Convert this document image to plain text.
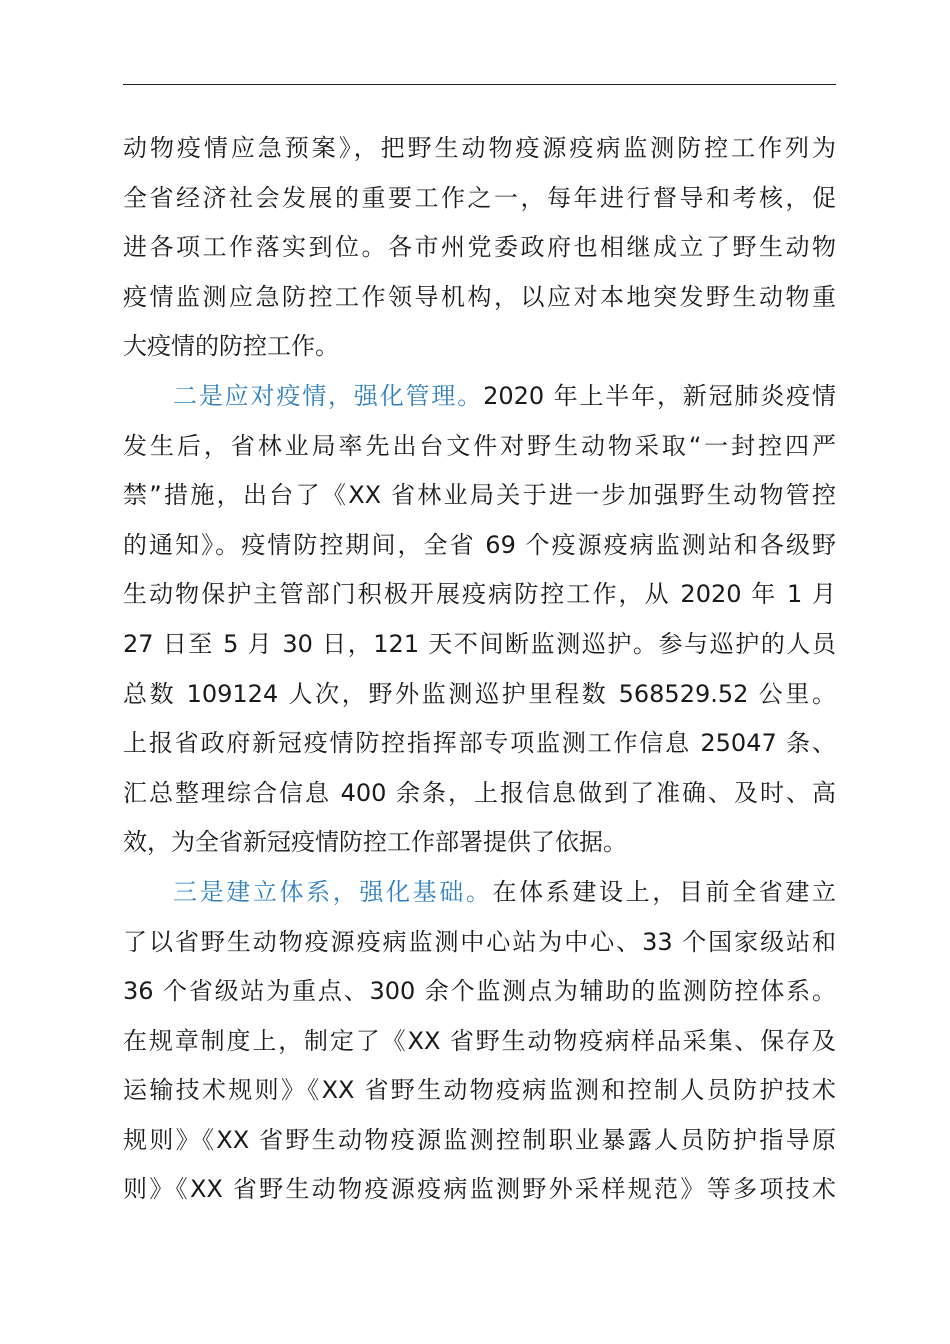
动物疫情应急预案》，把野生动物疫源疫病监测防控工作列为
全省经济社会发展的重要工作之一，每年进行督导和考核，促
进各项工作落实到位。各市州党委政府也相继成立了野生动物
疫情监测应急防控工作领导机构，以应对本地突发野生动物重
大疫情的防控工作。
二是应对疫情，强化管理。2020 年上半年，新冠肺炎疫情
发生后，省林业局率先出台文件对野生动物采取“一封控四严
禁”措施，出台了《XX 省林业局关于进一步加强野生动物管控
的通知》。疫情防控期间，全省 69 个疫源疫病监测站和各级野
生动物保护主管部门积极开展疫病防控工作，从 2020 年 1 月
27 日至 5 月 30 日，121 天不间断监测巡护。参与巡护的人员
总数 109124 人次，野外监测巡护里程数 568529.52 公里。
上报省政府新冠疫情防控指挥部专项监测工作信息 25047 条、
汇总整理综合信息 400 余条，上报信息做到了准确、及时、高
效，为全省新冠疫情防控工作部署提供了依据。
三是建立体系，强化基础。在体系建设上，目前全省建立
了以省野生动物疫源疫病监测中心站为中心、33 个国家级站和
36 个省级站为重点、300 余个监测点为辅助的监测防控体系。
在规章制度上，制定了《XX 省野生动物疫病样品采集、保存及
运输技术规则》《XX 省野生动物疫病监测和控制人员防护技术
规则》《XX 省野生动物疫源监测控制职业暴露人员防护指导原
则》《XX 省野生动物疫源疫病监测野外采样规范》等多项技术
